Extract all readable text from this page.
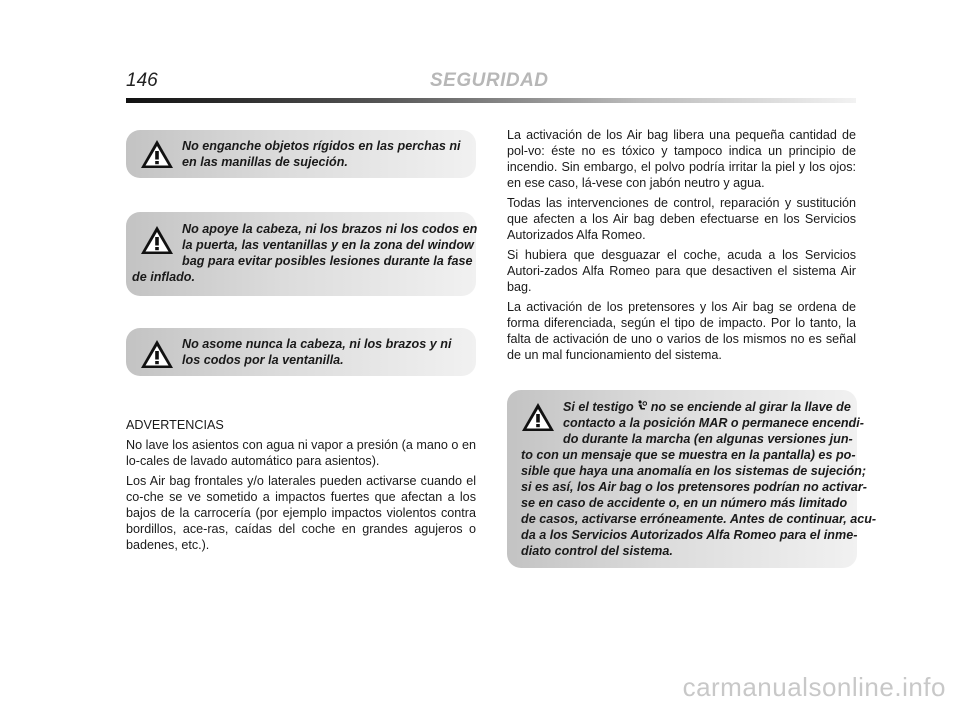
146	SEGURIDAD

No enganche objetos rígidos en las perchas ni en las manillas de sujeción.

No apoye la cabeza, ni los brazos ni los codos en

la puerta, las ventanillas y en la zona del window

bag para evitar posibles lesiones durante la fase

de inflado.

No asome nunca la cabeza, ni los brazos y ni los codos por la ventanilla.

ADVERTENCIAS

No lave los asientos con agua ni vapor a presión (a mano o en lo-cales de lavado automático para asientos).

Los Air bag frontales y/o laterales pueden activarse cuando el co-che se ve sometido a impactos fuertes que afectan a los bajos de la carrocería (por ejemplo impactos violentos contra bordillos, ace-ras, caídas del coche en grandes agujeros o badenes, etc.).

La activación de los Air bag libera una pequeña cantidad de pol-vo: éste no es tóxico y tampoco indica un principio de incendio. Sin embargo, el polvo podría irritar la piel y los ojos: en ese caso, lá-vese con jabón neutro y agua.

Todas las intervenciones de control, reparación y sustitución que afecten a los Air bag deben efectuarse en los Servicios Autorizados Alfa Romeo.

Si hubiera que desguazar el coche, acuda a los Servicios Autori-zados Alfa Romeo para que desactiven el sistema Air bag.

La activación de los pretensores y los Air bag se ordena de forma diferenciada, según el tipo de impacto. Por lo tanto, la falta de activación de uno o varios de los mismos no es señal de un mal funcionamiento del sistema.

Si el testigo no se enciende al girar la llave de

contacto a la posición MAR o permanece encendi-

do durante la marcha (en algunas versiones jun-

to con un mensaje que se muestra en la pantalla) es po-

sible que haya una anomalía en los sistemas de sujeción;

si es así, los Air bag o los pretensores podrían no activar-

se en caso de accidente o, en un número más limitado

de casos, activarse erróneamente. Antes de continuar, acu-

da a los Servicios Autorizados Alfa Romeo para el inme-

diato control del sistema.

carmanualsonline.info
